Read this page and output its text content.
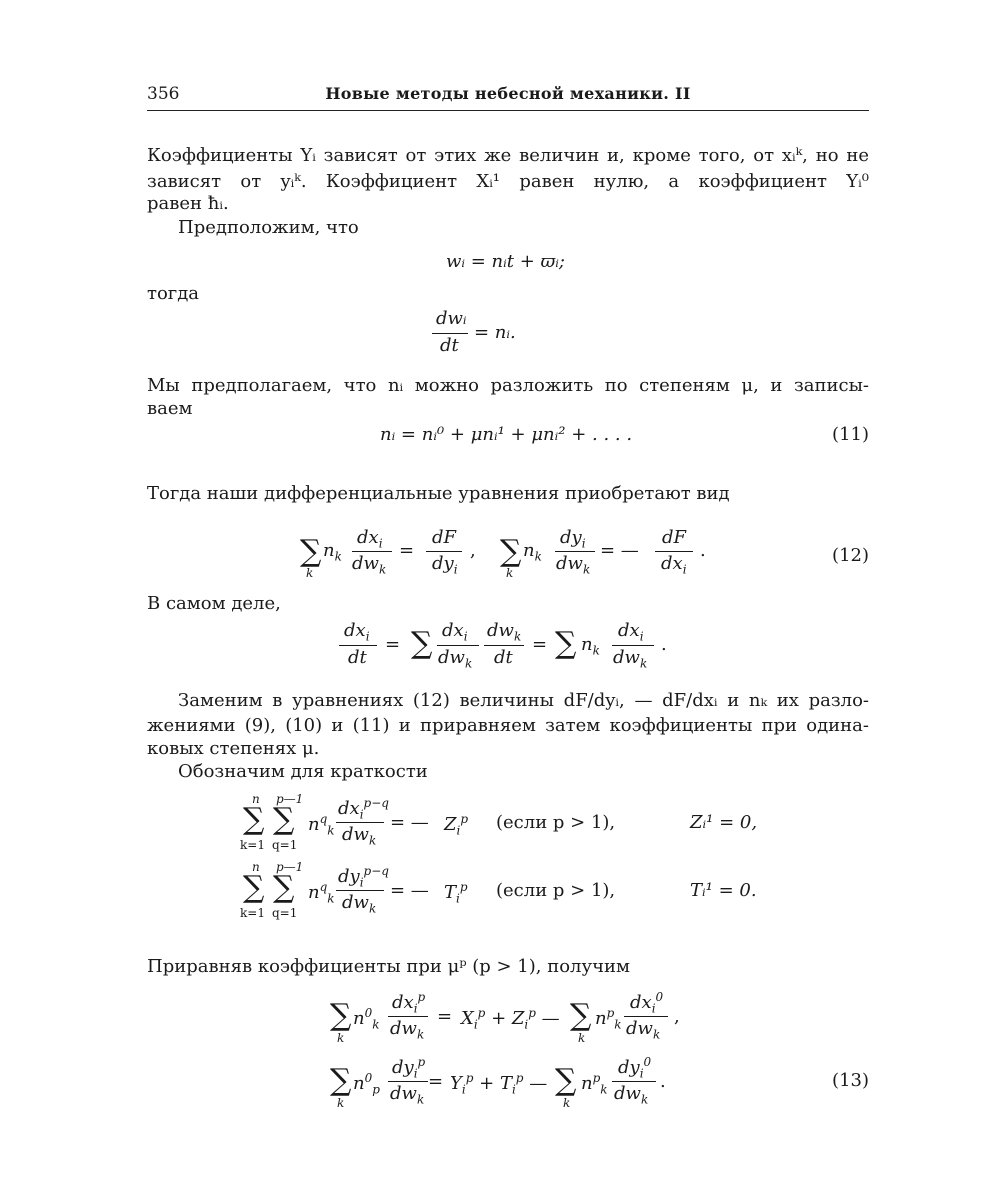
356	Новые методы небесной механики. II
Коэффициенты Yᵢ зависят от этих же величин и, кроме того, от xᵢᵏ, но не
зависят от yᵢᵏ. Коэффициент Xᵢ¹ равен нулю, а коэффициент Yᵢ⁰
равен ħᵢ.
Предположим, что
wᵢ = nᵢt + ϖᵢ;
тогда
dwᵢ
dt
= nᵢ.
Мы предполагаем, что nᵢ можно разложить по степеням μ, и записы-
ваем
nᵢ = nᵢ⁰ + μnᵢ¹ + μnᵢ² + . . . .	(11)
Тогда наши дифференциальные уравнения приобретают вид
∑
k
$n_k$
$dx_i$
$dw_k$
=
dF
$dy_i$
, ∑
k
$n_k$
$dy_i$
$dw_k$
= —
dF
$dx_i$
.	(12)
В самом деле,
$dx_i$
dt
= ∑ $dx_i$
$dw_k$
$dw_k$
dt
= ∑ $n_k$
$dx_i$
$dw_k$
.
Заменим в уравнениях (12) величины dF/dyᵢ, — dF/dxᵢ и nₖ их разло-
жениями (9), (10) и (11) и приравняем затем коэффициенты при одина-
ковых степенях μ.
Обозначим для краткости
n
∑
k=1
p—1
∑
q=1
$n^q_k$
$dx_i^{p-q}$
$dw_k$
= — $Z_i^p$ (если p > 1),	Zᵢ¹ = 0,
n
∑
k=1
p—1
∑
q=1
$n^q_k$
$dy_i^{p-q}$
$dw_k$
= — $T_i^p$ (если p > 1),	Tᵢ¹ = 0.
Приравняв коэффициенты при μᵖ (p > 1), получим
∑
k
$n^0_k$
$dx_i^p$
$dw_k$
= $X_i^p + Z_i^p$ — ∑
k
$n^p_k$
$dx_i^0$
$dw_k$
,
∑
k
$n^0_p$
$dy_i^p$
$dw_k$
= $Y_i^p + T_i^p$ — ∑
k
$n^p_k$
$dy_i^0$
$dw_k$
.	(13)
